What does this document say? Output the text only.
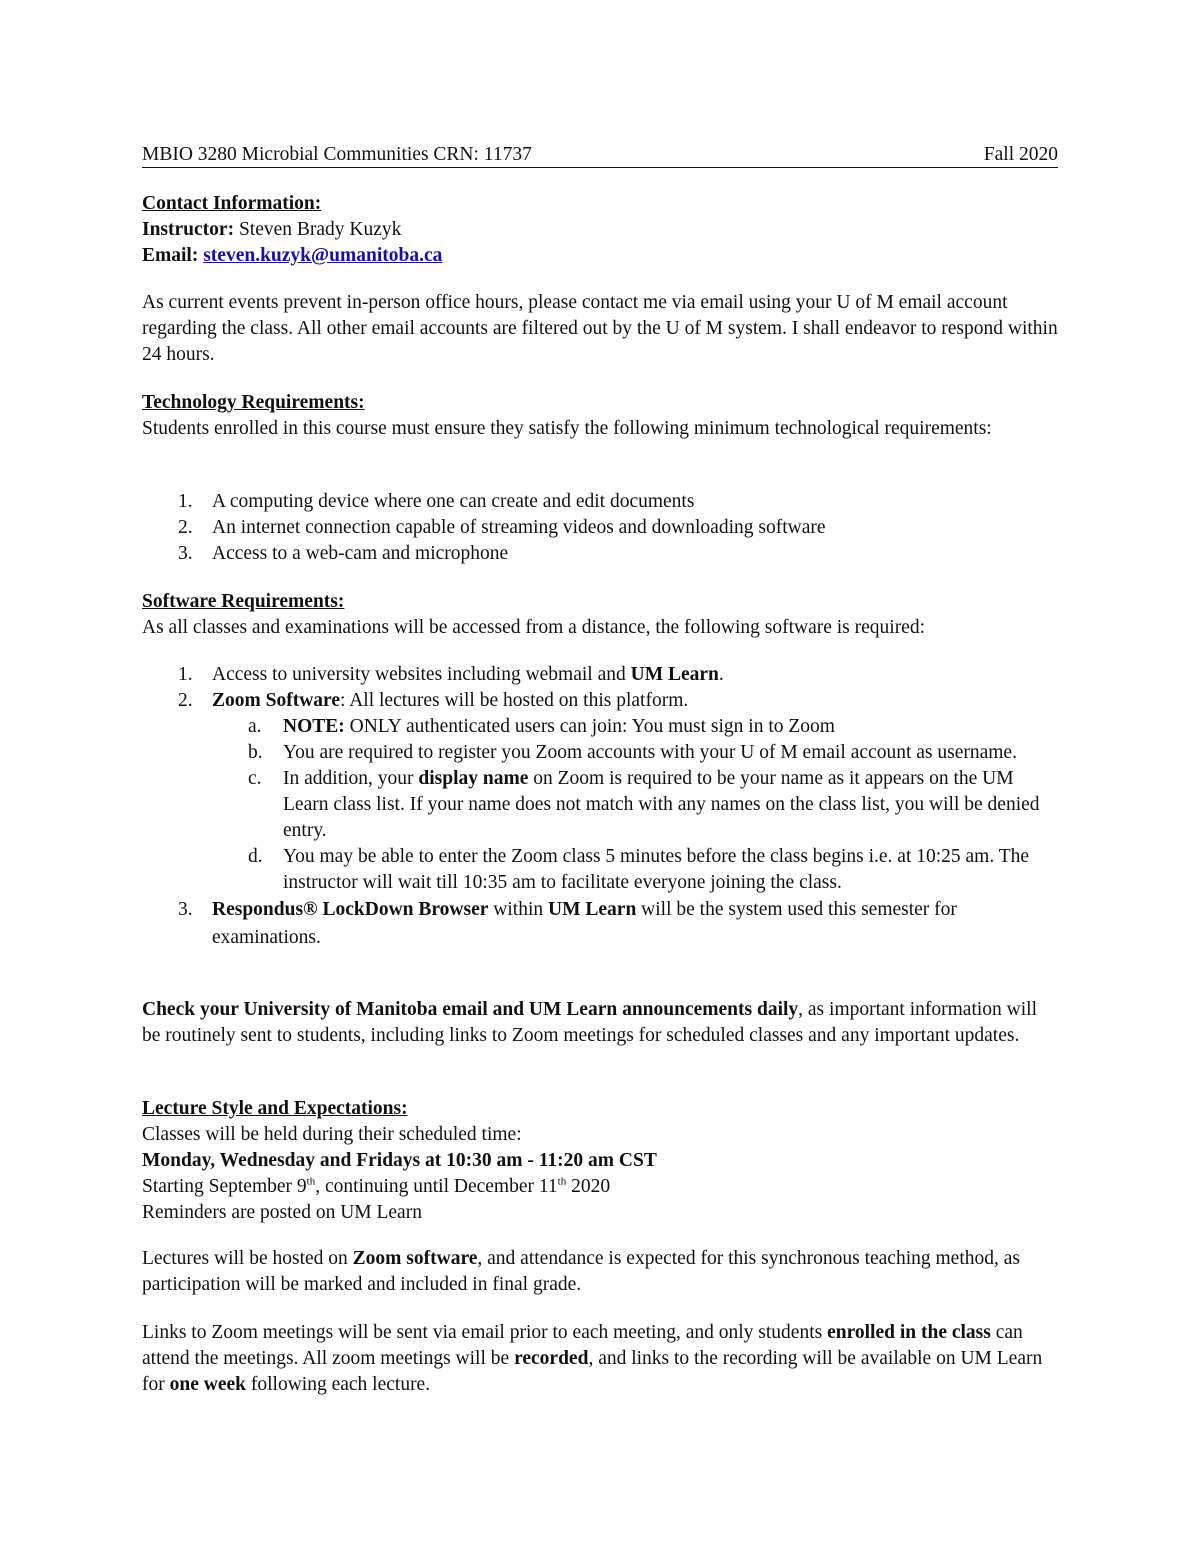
MBIO 3280 Microbial Communities CRN: 11737	Fall 2020

Contact Information:

Instructor: Steven Brady Kuzyk

Email: steven.kuzyk@umanitoba.ca

As current events prevent in-person office hours, please contact me via email using your U of M email account regarding the class. All other email accounts are filtered out by the U of M system. I shall endeavor to respond within 24 hours.

Technology Requirements:

Students enrolled in this course must ensure they satisfy the following minimum technological requirements:

1. A computing device where one can create and edit documents
2. An internet connection capable of streaming videos and downloading software
3. Access to a web-cam and microphone

Software Requirements:

As all classes and examinations will be accessed from a distance, the following software is required:

1. Access to university websites including webmail and UM Learn.
2. Zoom Software: All lectures will be hosted on this platform.
a. NOTE: ONLY authenticated users can join: You must sign in to Zoom
b. You are required to register you Zoom accounts with your U of M email account as username.
c. In addition, your display name on Zoom is required to be your name as it appears on the UM Learn class list. If your name does not match with any names on the class list, you will be denied entry.
d. You may be able to enter the Zoom class 5 minutes before the class begins i.e. at 10:25 am. The instructor will wait till 10:35 am to facilitate everyone joining the class.
3. Respondus® LockDown Browser within UM Learn will be the system used this semester for examinations.

Check your University of Manitoba email and UM Learn announcements daily, as important information will be routinely sent to students, including links to Zoom meetings for scheduled classes and any important updates.

Lecture Style and Expectations:

Classes will be held during their scheduled time:

Monday, Wednesday and Fridays at 10:30 am - 11:20 am CST

Starting September 9th, continuing until December 11th 2020

Reminders are posted on UM Learn

Lectures will be hosted on Zoom software, and attendance is expected for this synchronous teaching method, as participation will be marked and included in final grade.

Links to Zoom meetings will be sent via email prior to each meeting, and only students enrolled in the class can attend the meetings. All zoom meetings will be recorded, and links to the recording will be available on UM Learn for one week following each lecture.
